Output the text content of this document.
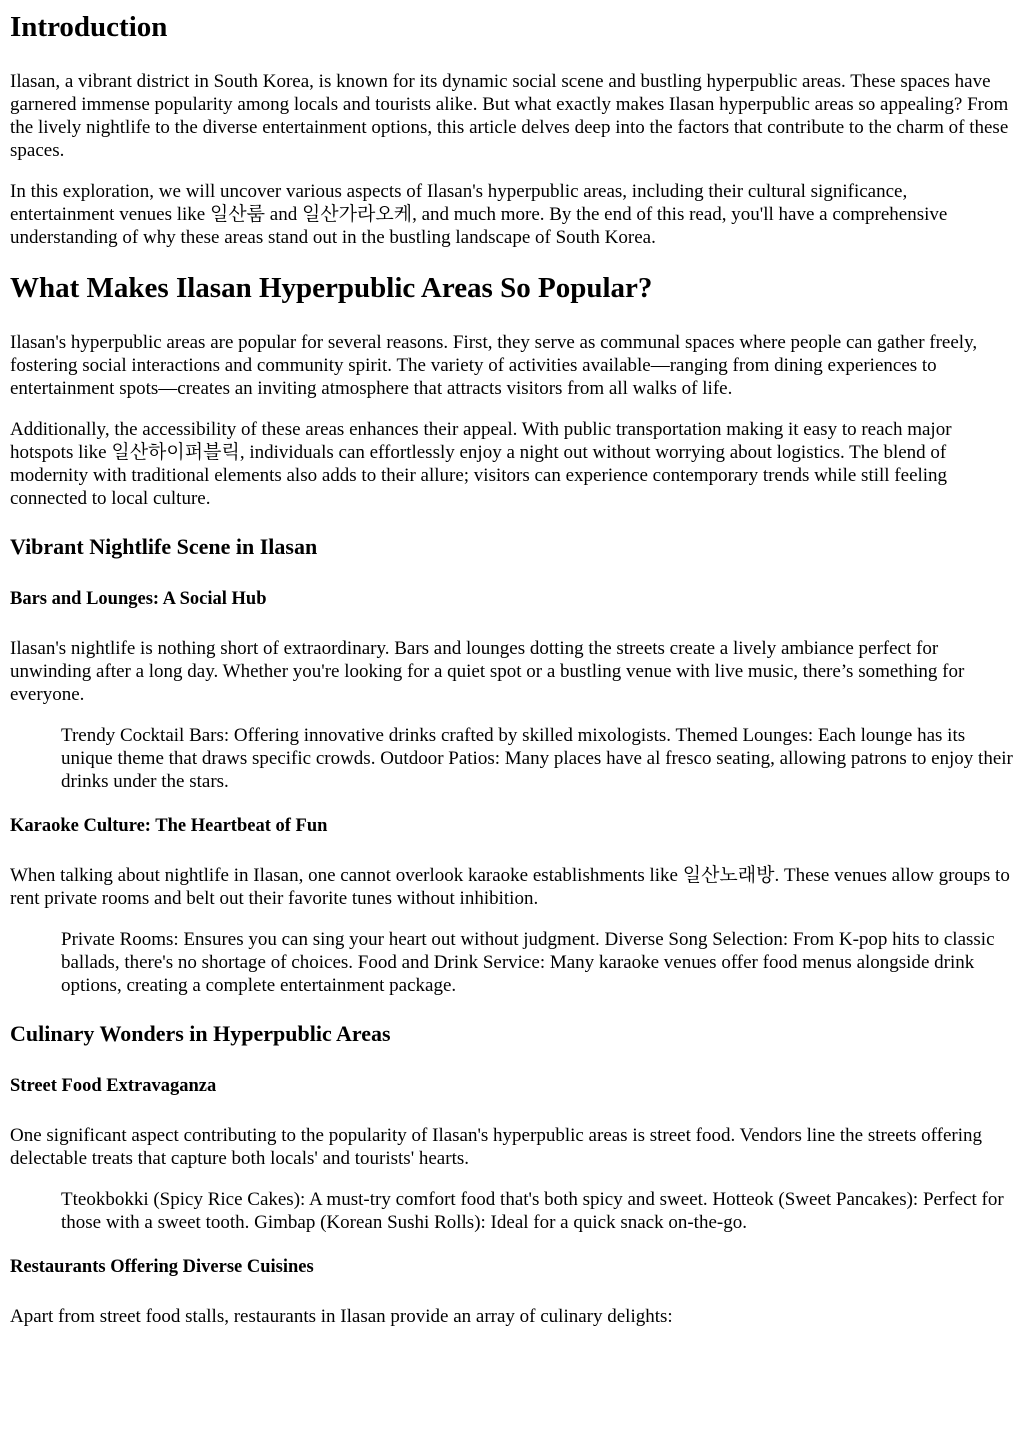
Introduction

Ilasan, a vibrant district in South Korea, is known for its dynamic social scene and bustling hyperpublic areas. These spaces have garnered immense popularity among locals and tourists alike. But what exactly makes Ilasan hyperpublic areas so appealing? From the lively nightlife to the diverse entertainment options, this article delves deep into the factors that contribute to the charm of these spaces.

In this exploration, we will uncover various aspects of Ilasan's hyperpublic areas, including their cultural significance, entertainment venues like 일산룸 and 일산가라오케, and much more. By the end of this read, you'll have a comprehensive understanding of why these areas stand out in the bustling landscape of South Korea.

What Makes Ilasan Hyperpublic Areas So Popular?

Ilasan's hyperpublic areas are popular for several reasons. First, they serve as communal spaces where people can gather freely, fostering social interactions and community spirit. The variety of activities available—ranging from dining experiences to entertainment spots—creates an inviting atmosphere that attracts visitors from all walks of life.

Additionally, the accessibility of these areas enhances their appeal. With public transportation making it easy to reach major hotspots like 일산하이퍼블릭, individuals can effortlessly enjoy a night out without worrying about logistics. The blend of modernity with traditional elements also adds to their allure; visitors can experience contemporary trends while still feeling connected to local culture.

Vibrant Nightlife Scene in Ilasan
Bars and Lounges: A Social Hub

Ilasan's nightlife is nothing short of extraordinary. Bars and lounges dotting the streets create a lively ambiance perfect for unwinding after a long day. Whether you're looking for a quiet spot or a bustling venue with live music, there’s something for everyone.

Trendy Cocktail Bars: Offering innovative drinks crafted by skilled mixologists. Themed Lounges: Each lounge has its unique theme that draws specific crowds. Outdoor Patios: Many places have al fresco seating, allowing patrons to enjoy their drinks under the stars.
Karaoke Culture: The Heartbeat of Fun

When talking about nightlife in Ilasan, one cannot overlook karaoke establishments like 일산노래방. These venues allow groups to rent private rooms and belt out their favorite tunes without inhibition.

Private Rooms: Ensures you can sing your heart out without judgment. Diverse Song Selection: From K-pop hits to classic ballads, there's no shortage of choices. Food and Drink Service: Many karaoke venues offer food menus alongside drink options, creating a complete entertainment package.
Culinary Wonders in Hyperpublic Areas
Street Food Extravaganza

One significant aspect contributing to the popularity of Ilasan's hyperpublic areas is street food. Vendors line the streets offering delectable treats that capture both locals' and tourists' hearts.

Tteokbokki (Spicy Rice Cakes): A must-try comfort food that's both spicy and sweet. Hotteok (Sweet Pancakes): Perfect for those with a sweet tooth. Gimbap (Korean Sushi Rolls): Ideal for a quick snack on-the-go.
Restaurants Offering Diverse Cuisines

Apart from street food stalls, restaurants in Ilasan provide an array of culinary delights:
